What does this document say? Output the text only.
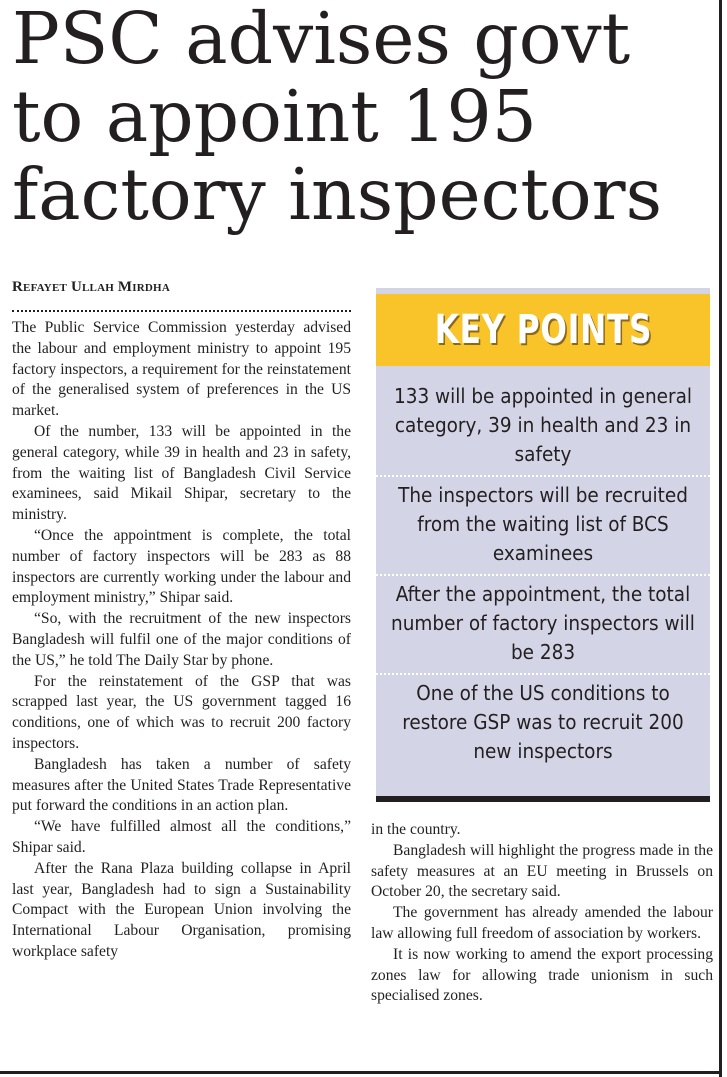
PSC advises govt to appoint 195 factory inspectors
Refayet Ullah Mirdha

The Public Service Commission yesterday advised the labour and employment ministry to appoint 195 factory inspectors, a requirement for the reinstatement of the generalised system of preferences in the US market.

Of the number, 133 will be appointed in the general category, while 39 in health and 23 in safety, from the waiting list of Bangladesh Civil Service examinees, said Mikail Shipar, secretary to the ministry.

“Once the appointment is complete, the total number of factory inspectors will be 283 as 88 inspectors are currently working under the labour and employment ministry,” Shipar said.

“So, with the recruitment of the new inspectors Bangladesh will fulfil one of the major conditions of the US,” he told The Daily Star by phone.

For the reinstatement of the GSP that was scrapped last year, the US government tagged 16 conditions, one of which was to recruit 200 factory inspectors.

Bangladesh has taken a number of safety measures after the United States Trade Representative put forward the conditions in an action plan.

“We have fulfilled almost all the conditions,” Shipar said.

After the Rana Plaza building collapse in April last year, Bangladesh had to sign a Sustainability Compact with the European Union involving the International Labour Organisation, promising workplace safety

KEY POINTS
133 will be appointed in general category, 39 in health and 23 in safety
The inspectors will be recruited from the waiting list of BCS examinees
After the appointment, the total number of factory inspectors will be 283
One of the US conditions to restore GSP was to recruit 200 new inspectors

in the country.

Bangladesh will highlight the progress made in the safety measures at an EU meeting in Brussels on October 20, the secretary said.

The government has already amended the labour law allowing full freedom of association by workers.

It is now working to amend the export processing zones law for allowing trade unionism in such specialised zones.
